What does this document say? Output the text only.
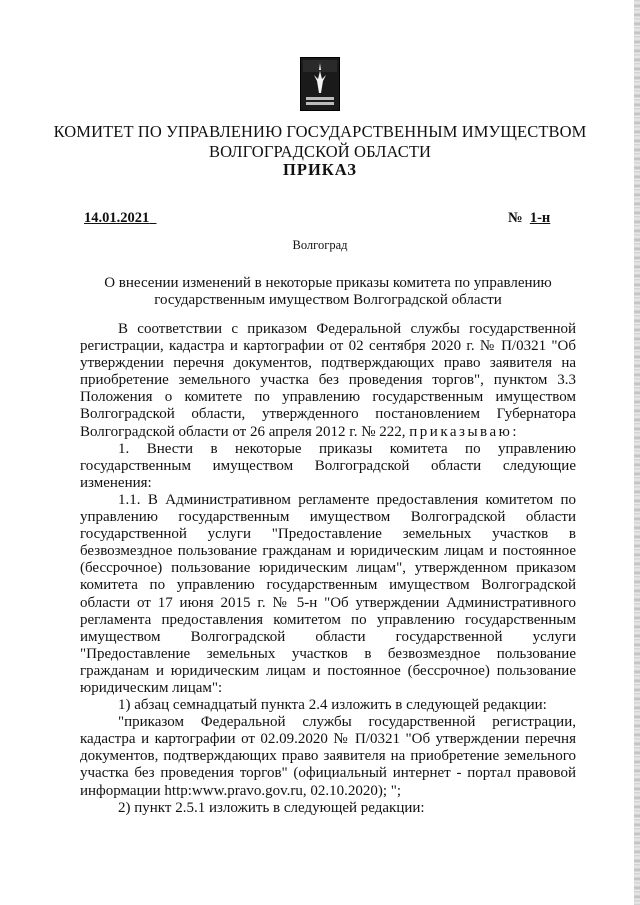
КОМИТЕТ ПО УПРАВЛЕНИЮ ГОСУДАРСТВЕННЫМ ИМУЩЕСТВОМ
ВОЛГОГРАДСКОЙ ОБЛАСТИ
ПРИКАЗ
14.01.2021	№ 1-н
Волгоград
О внесении изменений в некоторые приказы комитета по управлению
государственным имуществом Волгоградской области

В соответствии с приказом Федеральной службы государственной регистрации, кадастра и картографии от 02 сентября 2020 г. № П/0321 "Об утверждении перечня документов, подтверждающих право заявителя на приобретение земельного участка без проведения торгов", пунктом 3.3 Положения о комитете по управлению государственным имуществом Волгоградской области, утвержденного постановлением Губернатора Волгоградской области от 26 апреля 2012 г. № 222, приказываю:

1. Внести в некоторые приказы комитета по управлению государственным имуществом Волгоградской области следующие изменения:

1.1. В Административном регламенте предоставления комитетом по управлению государственным имуществом Волгоградской области государственной услуги "Предоставление земельных участков в безвозмездное пользование гражданам и юридическим лицам и постоянное (бессрочное) пользование юридическим лицам", утвержденном приказом комитета по управлению государственным имуществом Волгоградской области от 17 июня 2015 г. № 5-н "Об утверждении Административного регламента предоставления комитетом по управлению государственным имуществом Волгоградской области государственной услуги "Предоставление земельных участков в безвозмездное пользование гражданам и юридическим лицам и постоянное (бессрочное) пользование юридическим лицам":

1) абзац семнадцатый пункта 2.4 изложить в следующей редакции:

"приказом Федеральной службы государственной регистрации, кадастра и картографии от 02.09.2020 № П/0321 "Об утверждении перечня документов, подтверждающих право заявителя на приобретение земельного участка без проведения торгов" (официальный интернет - портал правовой информации http:www.pravo.gov.ru, 02.10.2020); ";

2) пункт 2.5.1 изложить в следующей редакции:
